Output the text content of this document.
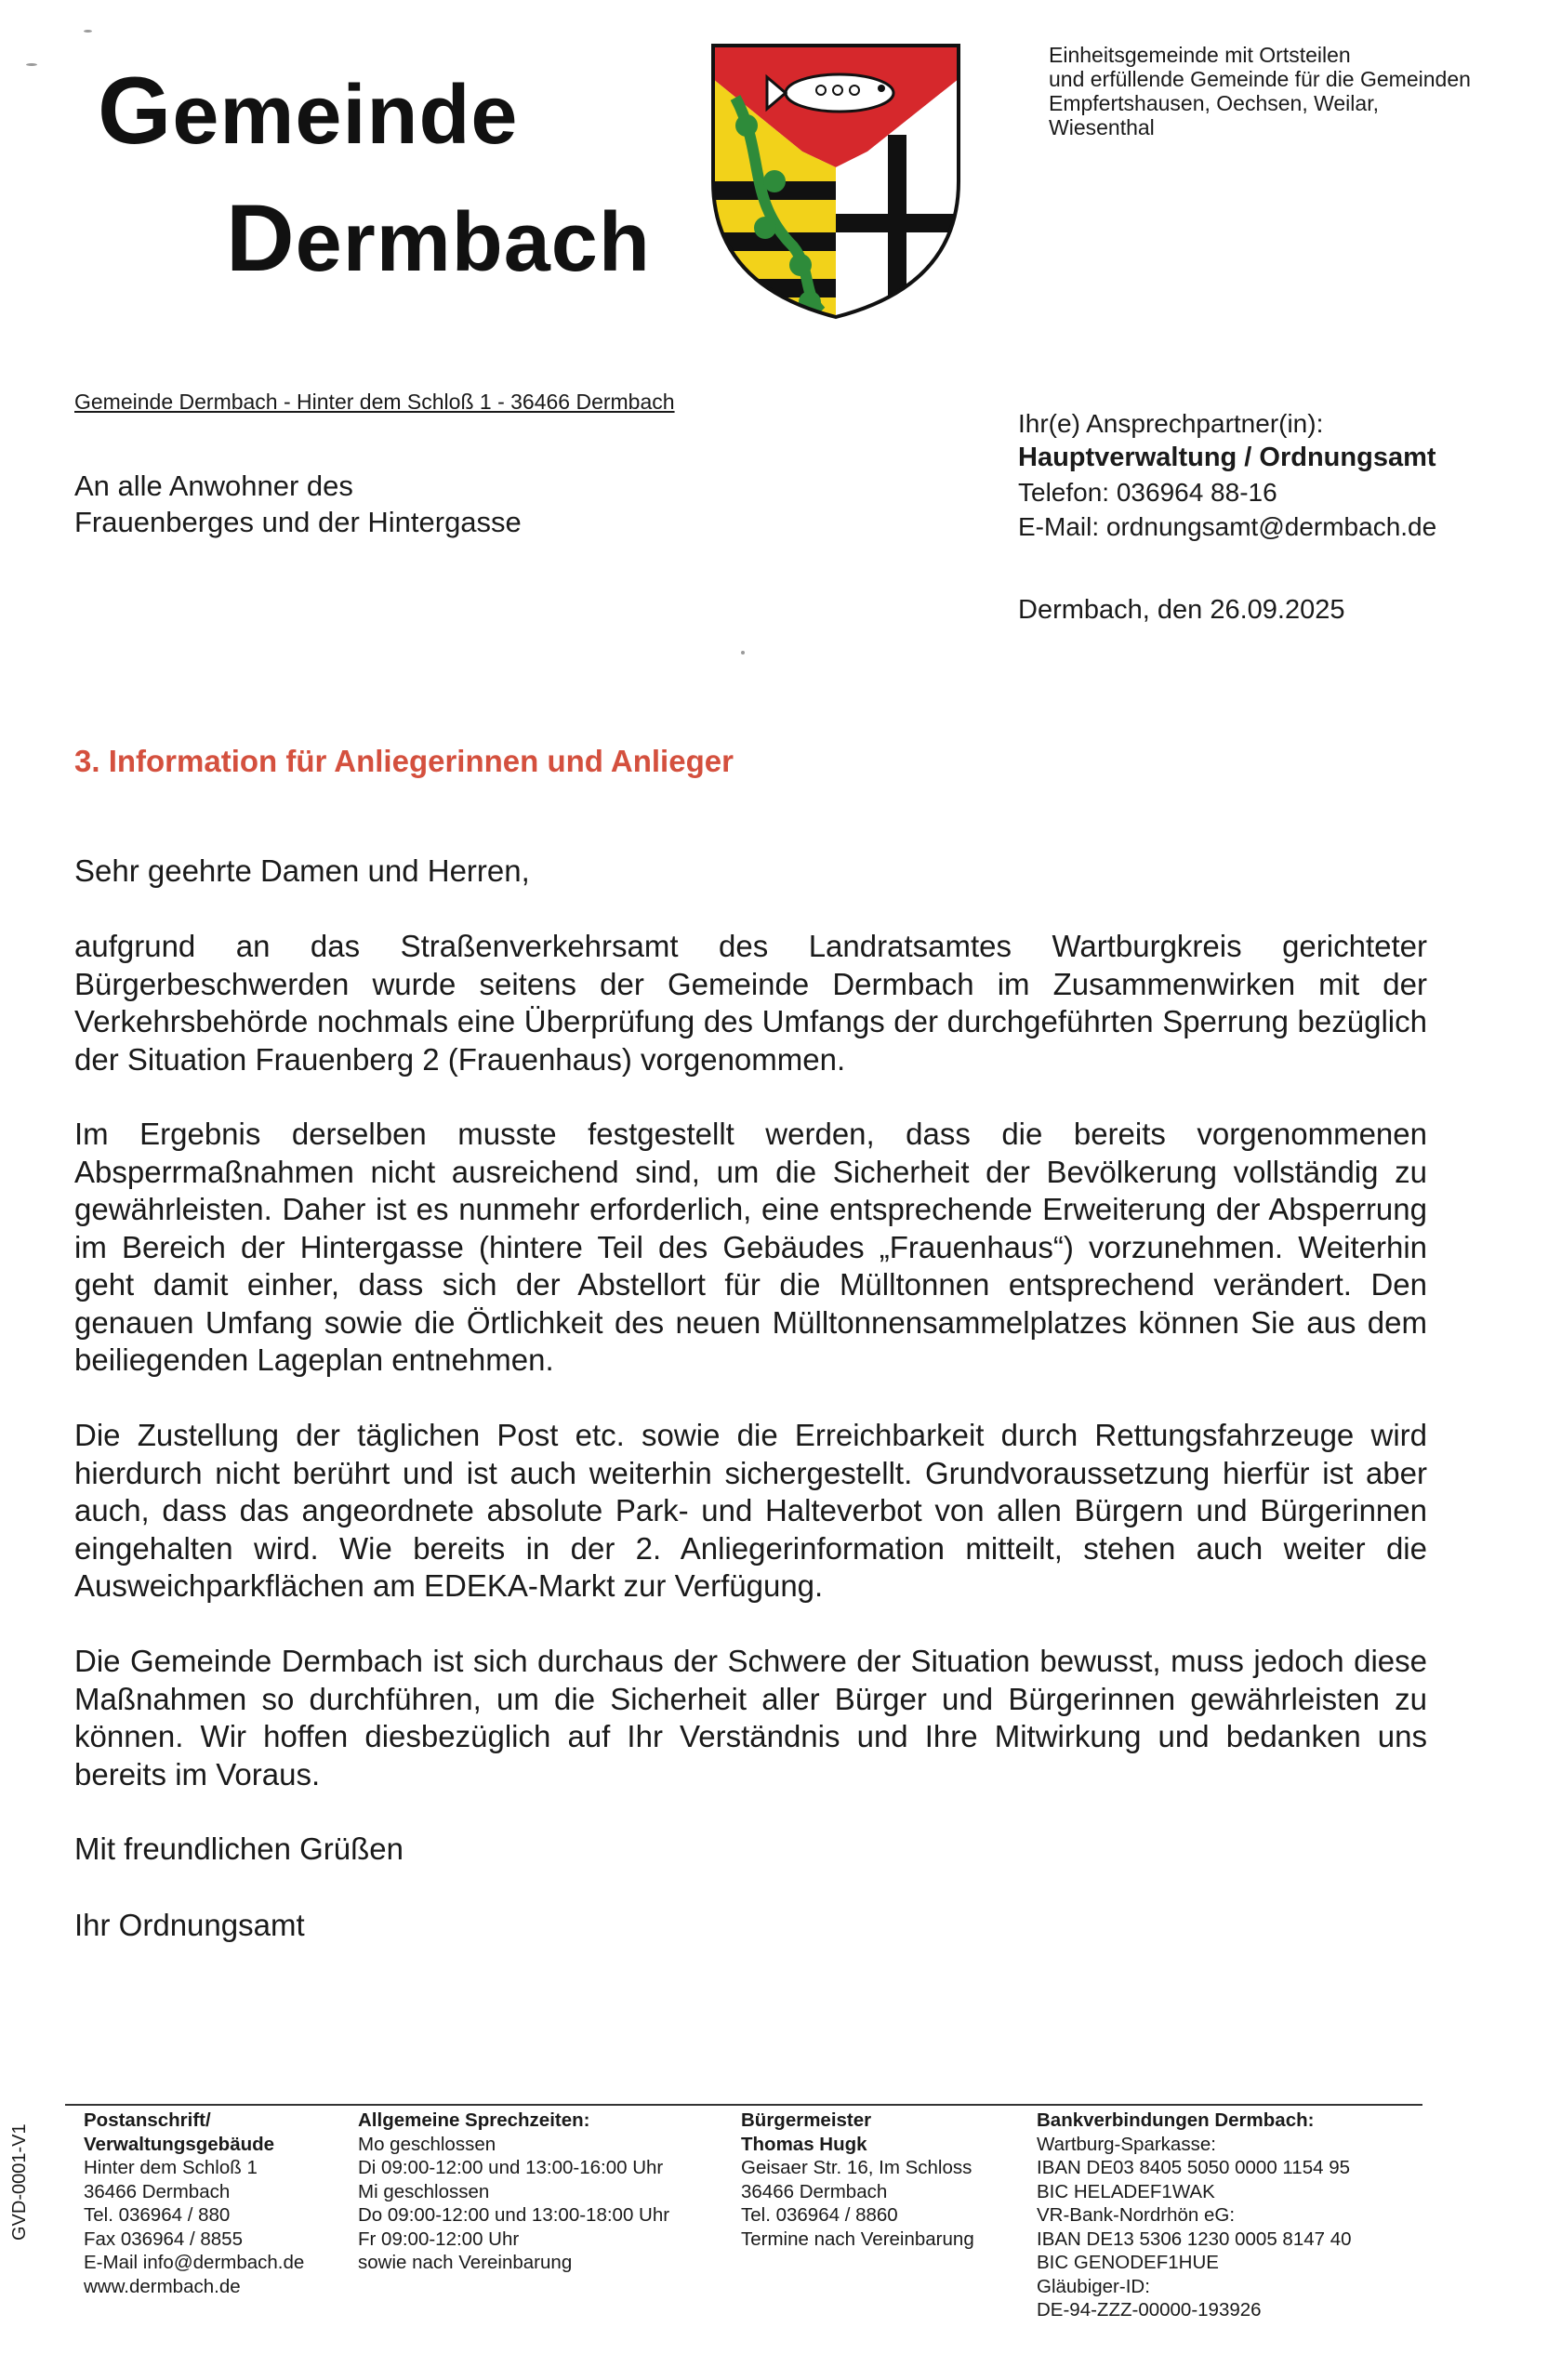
Gemeinde
Dermbach
Einheitsgemeinde mit Ortsteilen
und erfüllende Gemeinde für die Gemeinden
Empfertshausen, Oechsen, Weilar,
Wiesenthal
Gemeinde Dermbach - Hinter dem Schloß 1 - 36466 Dermbach
An alle Anwohner des
Frauenberges und der Hintergasse
Ihr(e) Ansprechpartner(in):
Hauptverwaltung / Ordnungsamt
Telefon: 036964 88-16
E-Mail: ordnungsamt@dermbach.de
Dermbach, den 26.09.2025
3. Information für Anliegerinnen und Anlieger
Sehr geehrte Damen und Herren,
aufgrund an das Straßenverkehrsamt des Landratsamtes Wartburgkreis gerichteter Bürgerbeschwerden wurde seitens der Gemeinde Dermbach im Zusammenwirken mit der Verkehrsbehörde nochmals eine Überprüfung des Umfangs der durchgeführten Sperrung bezüglich der Situation Frauenberg 2 (Frauenhaus) vorgenommen.
Im Ergebnis derselben musste festgestellt werden, dass die bereits vorgenommenen Absperrmaßnahmen nicht ausreichend sind, um die Sicherheit der Bevölkerung vollständig zu gewährleisten. Daher ist es nunmehr erforderlich, eine entsprechende Erweiterung der Absperrung im Bereich der Hintergasse (hintere Teil des Gebäudes „Frauenhaus“) vorzunehmen. Weiterhin geht damit einher, dass sich der Abstellort für die Mülltonnen entsprechend verändert. Den genauen Umfang sowie die Örtlichkeit des neuen Mülltonnensammelplatzes können Sie aus dem beiliegenden Lageplan entnehmen.
Die Zustellung der täglichen Post etc. sowie die Erreichbarkeit durch Rettungsfahrzeuge wird hierdurch nicht berührt und ist auch weiterhin sichergestellt. Grundvoraussetzung hierfür ist aber auch, dass das angeordnete absolute Park- und Halteverbot von allen Bürgern und Bürgerinnen eingehalten wird. Wie bereits in der 2. Anliegerinformation mitteilt, stehen auch weiter die Ausweichparkflächen am EDEKA-Markt zur Verfügung.
Die Gemeinde Dermbach ist sich durchaus der Schwere der Situation bewusst, muss jedoch diese Maßnahmen so durchführen, um die Sicherheit aller Bürger und Bürgerinnen gewährleisten zu können. Wir hoffen diesbezüglich auf Ihr Verständnis und Ihre Mitwirkung und bedanken uns bereits im Voraus.
Mit freundlichen Grüßen
Ihr Ordnungsamt
Postanschrift/
Verwaltungsgebäude
Hinter dem Schloß 1
36466 Dermbach
Tel. 036964 / 880
Fax 036964 / 8855
E-Mail info@dermbach.de
www.dermbach.de
Allgemeine Sprechzeiten:
Mo geschlossen
Di 09:00-12:00 und 13:00-16:00 Uhr
Mi geschlossen
Do 09:00-12:00 und 13:00-18:00 Uhr
Fr 09:00-12:00 Uhr
sowie nach Vereinbarung
Bürgermeister
Thomas Hugk
Geisaer Str. 16, Im Schloss
36466 Dermbach
Tel. 036964 / 8860
Termine nach Vereinbarung
Bankverbindungen Dermbach:
Wartburg-Sparkasse:
IBAN DE03 8405 5050 0000 1154 95
BIC HELADEF1WAK
VR-Bank-Nordrhön eG:
IBAN DE13 5306 1230 0005 8147 40
BIC GENODEF1HUE
Gläubiger-ID:
DE-94-ZZZ-00000-193926
GVD-0001-V1
